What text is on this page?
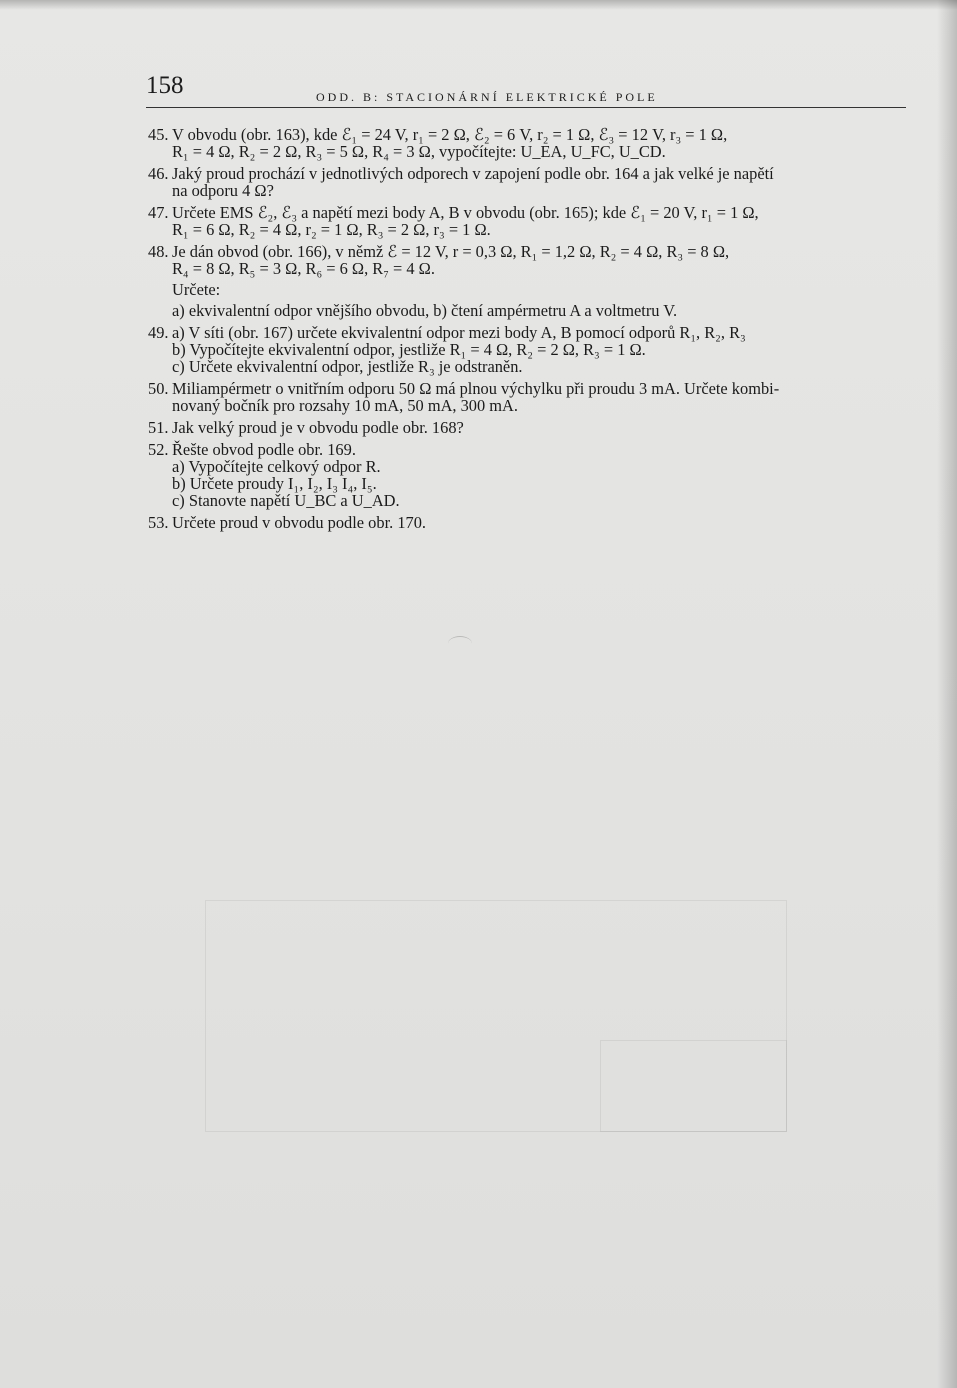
158	ODD. B: STACIONÁRNÍ ELEKTRICKÉ POLE
45. V obvodu (obr. 163), kde ℰ₁ = 24 V, r₁ = 2 Ω, ℰ₂ = 6 V, r₂ = 1 Ω, ℰ₃ = 12 V, r₃ = 1 Ω,
R₁ = 4 Ω, R₂ = 2 Ω, R₃ = 5 Ω, R₄ = 3 Ω, vypočítejte: U_EA, U_FC, U_CD.
46. Jaký proud prochází v jednotlivých odporech v zapojení podle obr. 164 a jak velké je napětí
na odporu 4 Ω?
47. Určete EMS ℰ₂, ℰ₃ a napětí mezi body A, B v obvodu (obr. 165); kde ℰ₁ = 20 V, r₁ = 1 Ω,
R₁ = 6 Ω, R₂ = 4 Ω, r₂ = 1 Ω, R₃ = 2 Ω, r₃ = 1 Ω.
48. Je dán obvod (obr. 166), v němž ℰ = 12 V, r = 0,3 Ω, R₁ = 1,2 Ω, R₂ = 4 Ω, R₃ = 8 Ω,
R₄ = 8 Ω, R₅ = 3 Ω, R₆ = 6 Ω, R₇ = 4 Ω.
Určete:
a) ekvivalentní odpor vnějšího obvodu, b) čtení ampérmetru A a voltmetru V.
49. a) V síti (obr. 167) určete ekvivalentní odpor mezi body A, B pomocí odporů R₁, R₂, R₃
b) Vypočítejte ekvivalentní odpor, jestliže R₁ = 4 Ω, R₂ = 2 Ω, R₃ = 1 Ω.
c) Určete ekvivalentní odpor, jestliže R₃ je odstraněn.
50. Miliampérmetr o vnitřním odporu 50 Ω má plnou výchylku při proudu 3 mA. Určete kombi-
novaný bočník pro rozsahy 10 mA, 50 mA, 300 mA.
51. Jak velký proud je v obvodu podle obr. 168?
52. Řešte obvod podle obr. 169.
a) Vypočítejte celkový odpor R.
b) Určete proudy I₁, I₂, I₃ I₄, I₅.
c) Stanovte napětí U_BC a U_AD.
53. Určete proud v obvodu podle obr. 170.
